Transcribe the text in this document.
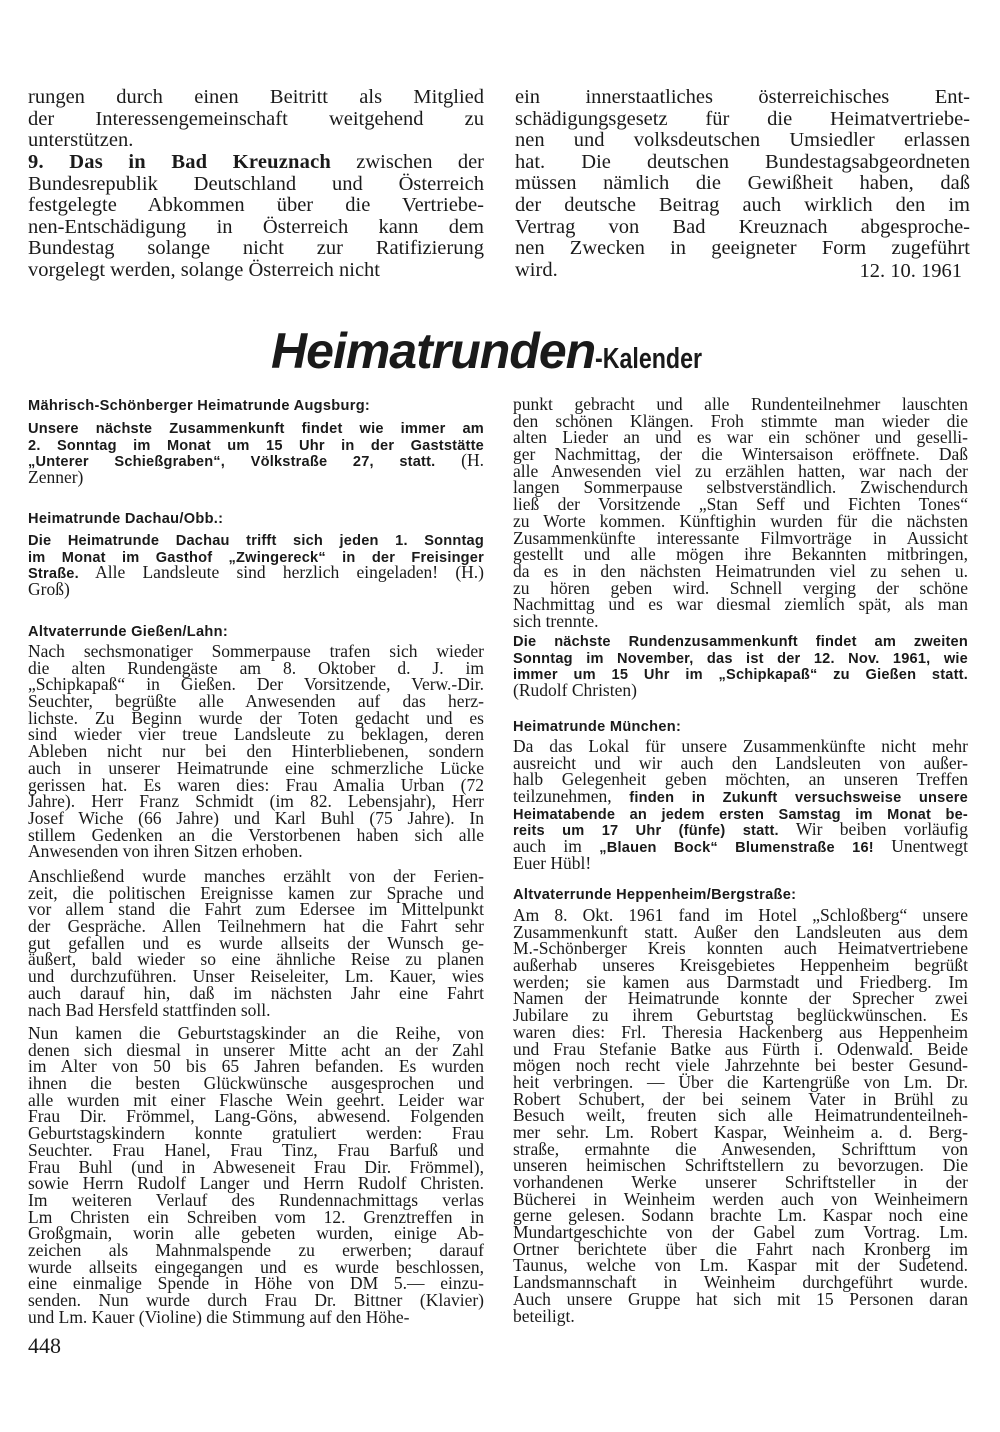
rungen durch einen Beitritt als Mitglied
der Interessengemeinschaft weitgehend zu
unterstützen.
9. Das in Bad Kreuznach zwischen der
Bundesrepublik Deutschland und Österreich
festgelegte Abkommen über die Vertriebe-
nen-Entschädigung in Österreich kann dem
Bundestag solange nicht zur Ratifizierung
vorgelegt werden, solange Österreich nicht	12. 10. 1961
ein innerstaatliches österreichisches Ent-
schädigungsgesetz für die Heimatvertriebe-
nen und volksdeutschen Umsiedler erlassen
hat. Die deutschen Bundestagsabgeordneten
müssen nämlich die Gewißheit haben, daß
der deutsche Beitrag auch wirklich den im
Vertrag von Bad Kreuznach abgesproche-
nen Zwecken in geeigneter Form zugeführt
wird.
Heimatrunden-Kalender
Mährisch-Schönberger Heimatrunde Augsburg:
Unsere nächste Zusammenkunft findet wie immer am
2. Sonntag im Monat um 15 Uhr in der Gaststätte
„Unterer Schießgraben“, Völkstraße 27, statt. (H.
Zenner)
Heimatrunde Dachau/Obb.:
Die Heimatrunde Dachau trifft sich jeden 1. Sonntag
im Monat im Gasthof „Zwingereck“ in der Freisinger
Straße. Alle Landsleute sind herzlich eingeladen! (H.)
Groß)
Altvaterrunde Gießen/Lahn:
Nach sechsmonatiger Sommerpause trafen sich wieder
die alten Rundengäste am 8. Oktober d. J. im
„Schipkapaß“ in Gießen. Der Vorsitzende, Verw.-Dir.
Seuchter, begrüßte alle Anwesenden auf das herz-
lichste. Zu Beginn wurde der Toten gedacht und es
sind wieder vier treue Landsleute zu beklagen, deren
Ableben nicht nur bei den Hinterbliebenen, sondern
auch in unserer Heimatrunde eine schmerzliche Lücke
gerissen hat. Es waren dies: Frau Amalia Urban (72
Jahre). Herr Franz Schmidt (im 82. Lebensjahr), Herr
Josef Wiche (66 Jahre) und Karl Buhl (75 Jahre). In
stillem Gedenken an die Verstorbenen haben sich alle
Anwesenden von ihren Sitzen erhoben.
Anschließend wurde manches erzählt von der Ferien-
zeit, die politischen Ereignisse kamen zur Sprache und
vor allem stand die Fahrt zum Edersee im Mittelpunkt
der Gespräche. Allen Teilnehmern hat die Fahrt sehr
gut gefallen und es wurde allseits der Wunsch ge-
äußert, bald wieder so eine ähnliche Reise zu planen
und durchzuführen. Unser Reiseleiter, Lm. Kauer, wies
auch darauf hin, daß im nächsten Jahr eine Fahrt
nach Bad Hersfeld stattfinden soll.
Nun kamen die Geburtstagskinder an die Reihe, von
denen sich diesmal in unserer Mitte acht an der Zahl
im Alter von 50 bis 65 Jahren befanden. Es wurden
ihnen die besten Glückwünsche ausgesprochen und
alle wurden mit einer Flasche Wein geehrt. Leider war
Frau Dir. Frömmel, Lang-Göns, abwesend. Folgenden
Geburtstagskindern konnte gratuliert werden: Frau
Seuchter. Frau Hanel, Frau Tinz, Frau Barfuß und
Frau Buhl (und in Abweseneit Frau Dir. Frömmel),
sowie Herrn Rudolf Langer und Herrn Rudolf Christen.
Im weiteren Verlauf des Rundennachmittags verlas
Lm Christen ein Schreiben vom 12. Grenztreffen in
Großgmain, worin alle gebeten wurden, einige Ab-
zeichen als Mahnmalspende zu erwerben; darauf
wurde allseits eingegangen und es wurde beschlossen,
eine einmalige Spende in Höhe von DM 5.— einzu-
senden. Nun wurde durch Frau Dr. Bittner (Klavier)
und Lm. Kauer (Violine) die Stimmung auf den Höhe-
punkt gebracht und alle Rundenteilnehmer lauschten
den schönen Klängen. Froh stimmte man wieder die
alten Lieder an und es war ein schöner und geselli-
ger Nachmittag, der die Wintersaison eröffnete. Daß
alle Anwesenden viel zu erzählen hatten, war nach der
langen Sommerpause selbstverständlich. Zwischendurch
ließ der Vorsitzende „Stan Seff und Fichten Tones“
zu Worte kommen. Künftighin wurden für die nächsten
Zusammenkünfte interessante Filmvorträge in Aussicht
gestellt und alle mögen ihre Bekannten mitbringen,
da es in den nächsten Heimatrunden viel zu sehen u.
zu hören geben wird. Schnell verging der schöne
Nachmittag und es war diesmal ziemlich spät, als man
sich trennte.
Die nächste Rundenzusammenkunft findet am zweiten
Sonntag im November, das ist der 12. Nov. 1961, wie
immer um 15 Uhr im „Schipkapaß“ zu Gießen statt.
(Rudolf Christen)
Heimatrunde München:
Da das Lokal für unsere Zusammenkünfte nicht mehr
ausreicht und wir auch den Landsleuten von außer-
halb Gelegenheit geben möchten, an unseren Treffen
teilzunehmen, finden in Zukunft versuchsweise unsere
Heimatabende an jedem ersten Samstag im Monat be-
reits um 17 Uhr (fünfe) statt. Wir beiben vorläufig
auch im „Blauen Bock“ Blumenstraße 16! Unentwegt
Euer Hübl!
Altvaterrunde Heppenheim/Bergstraße:
Am 8. Okt. 1961 fand im Hotel „Schloßberg“ unsere
Zusammenkunft statt. Außer den Landsleuten aus dem
M.-Schönberger Kreis konnten auch Heimatvertriebene
außerhab unseres Kreisgebietes Heppenheim begrüßt
werden; sie kamen aus Darmstadt und Friedberg. Im
Namen der Heimatrunde konnte der Sprecher zwei
Jubilare zu ihrem Geburtstag beglückwünschen. Es
waren dies: Frl. Theresia Hackenberg aus Heppenheim
und Frau Stefanie Batke aus Fürth i. Odenwald. Beide
mögen noch recht viele Jahrzehnte bei bester Gesund-
heit verbringen. — Über die Kartengrüße von Lm. Dr.
Robert Schubert, der bei seinem Vater in Brühl zu
Besuch weilt, freuten sich alle Heimatrundenteilneh-
mer sehr. Lm. Robert Kaspar, Weinheim a. d. Berg-
straße, ermahnte die Anwesenden, Schrifttum von
unseren heimischen Schriftstellern zu bevorzugen. Die
vorhandenen Werke unserer Schriftsteller in der
Bücherei in Weinheim werden auch von Weinheimern
gerne gelesen. Sodann brachte Lm. Kaspar noch eine
Mundartgeschichte von der Gabel zum Vortrag. Lm.
Ortner berichtete über die Fahrt nach Kronberg im
Taunus, welche von Lm. Kaspar mit der Sudetend.
Landsmannschaft in Weinheim durchgeführt wurde.
Auch unsere Gruppe hat sich mit 15 Personen daran
beteiligt.
448
